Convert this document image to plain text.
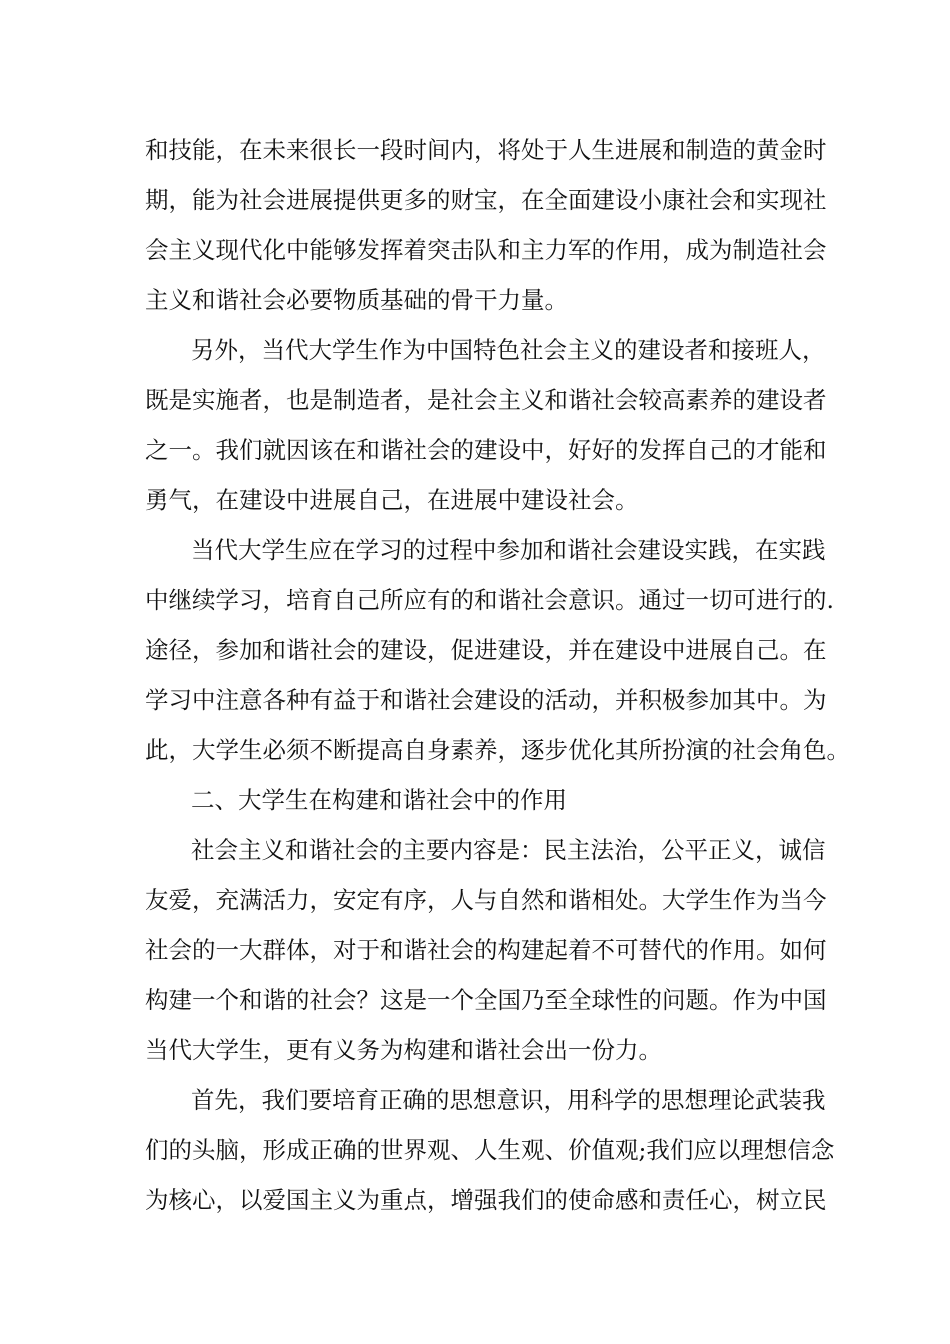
和技能，在未来很长一段时间内，将处于人生进展和制造的黄金时
期，能为社会进展提供更多的财宝，在全面建设小康社会和实现社
会主义现代化中能够发挥着突击队和主力军的作用，成为制造社会
主义和谐社会必要物质基础的骨干力量。
另外，当代大学生作为中国特色社会主义的建设者和接班人，
既是实施者，也是制造者，是社会主义和谐社会较高素养的建设者
之一。我们就因该在和谐社会的建设中，好好的发挥自己的才能和
勇气，在建设中进展自己，在进展中建设社会。
当代大学生应在学习的过程中参加和谐社会建设实践，在实践
中继续学习，培育自己所应有的和谐社会意识。通过一切可进行的.
途径，参加和谐社会的建设，促进建设，并在建设中进展自己。在
学习中注意各种有益于和谐社会建设的活动，并积极参加其中。为
此，大学生必须不断提高自身素养，逐步优化其所扮演的社会角色。
二、大学生在构建和谐社会中的作用
社会主义和谐社会的主要内容是：民主法治，公平正义，诚信
友爱，充满活力，安定有序，人与自然和谐相处。大学生作为当今
社会的一大群体，对于和谐社会的构建起着不可替代的作用。如何
构建一个和谐的社会？这是一个全国乃至全球性的问题。作为中国
当代大学生，更有义务为构建和谐社会出一份力。
首先，我们要培育正确的思想意识，用科学的思想理论武装我
们的头脑，形成正确的世界观、人生观、价值观;我们应以理想信念
为核心，以爱国主义为重点，增强我们的使命感和责任心，树立民
